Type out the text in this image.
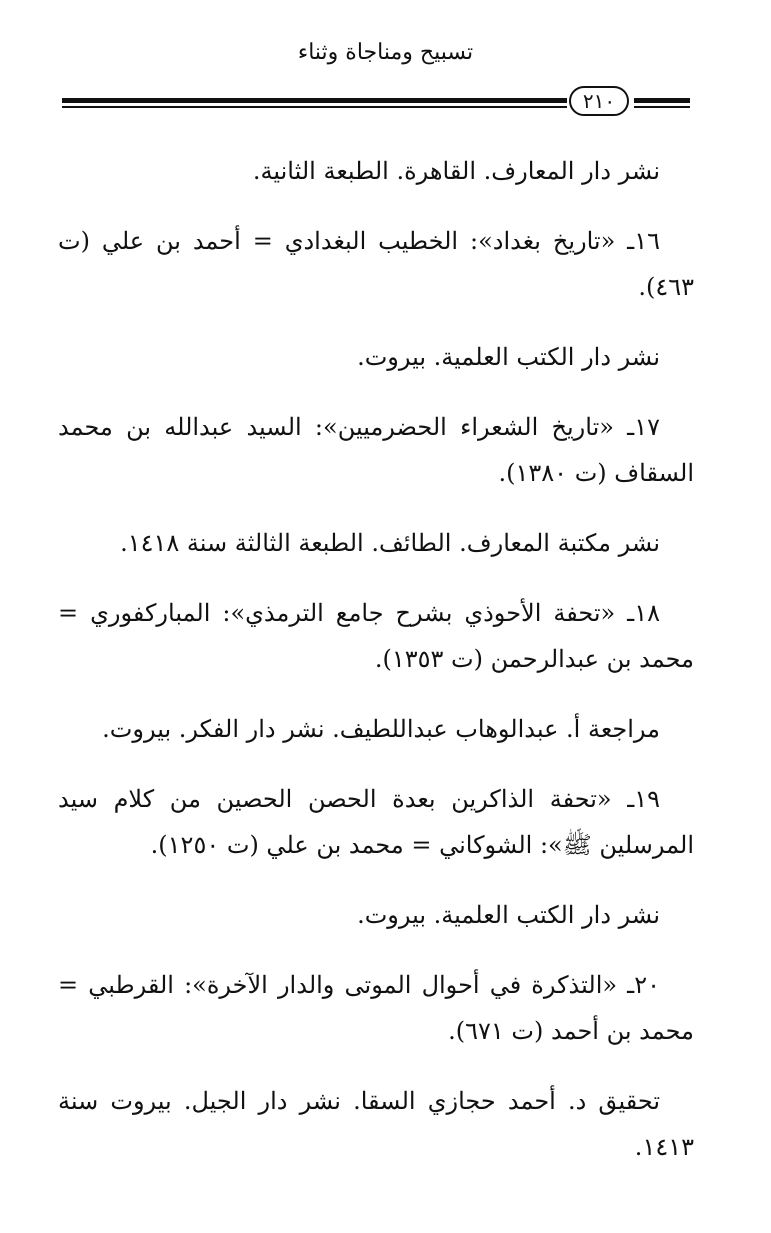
تسبيح ومناجاة وثناء
٢١٠

نشر دار المعارف. القاهرة. الطبعة الثانية.

١٦ـ «تاريخ بغداد»: الخطيب البغدادي = أحمد بن علي (ت ٤٦٣).

نشر دار الكتب العلمية. بيروت.

١٧ـ «تاريخ الشعراء الحضرميين»: السيد عبدالله بن محمد السقاف (ت ١٣٨٠).

نشر مكتبة المعارف. الطائف. الطبعة الثالثة سنة ١٤١٨.

١٨ـ «تحفة الأحوذي بشرح جامع الترمذي»: المباركفوري = محمد بن عبدالرحمن (ت ١٣٥٣).

مراجعة أ. عبدالوهاب عبداللطيف. نشر دار الفكر. بيروت.

١٩ـ «تحفة الذاكرين بعدة الحصن الحصين من كلام سيد المرسلين ﷺ»: الشوكاني = محمد بن علي (ت ١٢٥٠).

نشر دار الكتب العلمية. بيروت.

٢٠ـ «التذكرة في أحوال الموتى والدار الآخرة»: القرطبي = محمد بن أحمد (ت ٦٧١).

تحقيق د. أحمد حجازي السقا. نشر دار الجيل. بيروت سنة ١٤١٣.
